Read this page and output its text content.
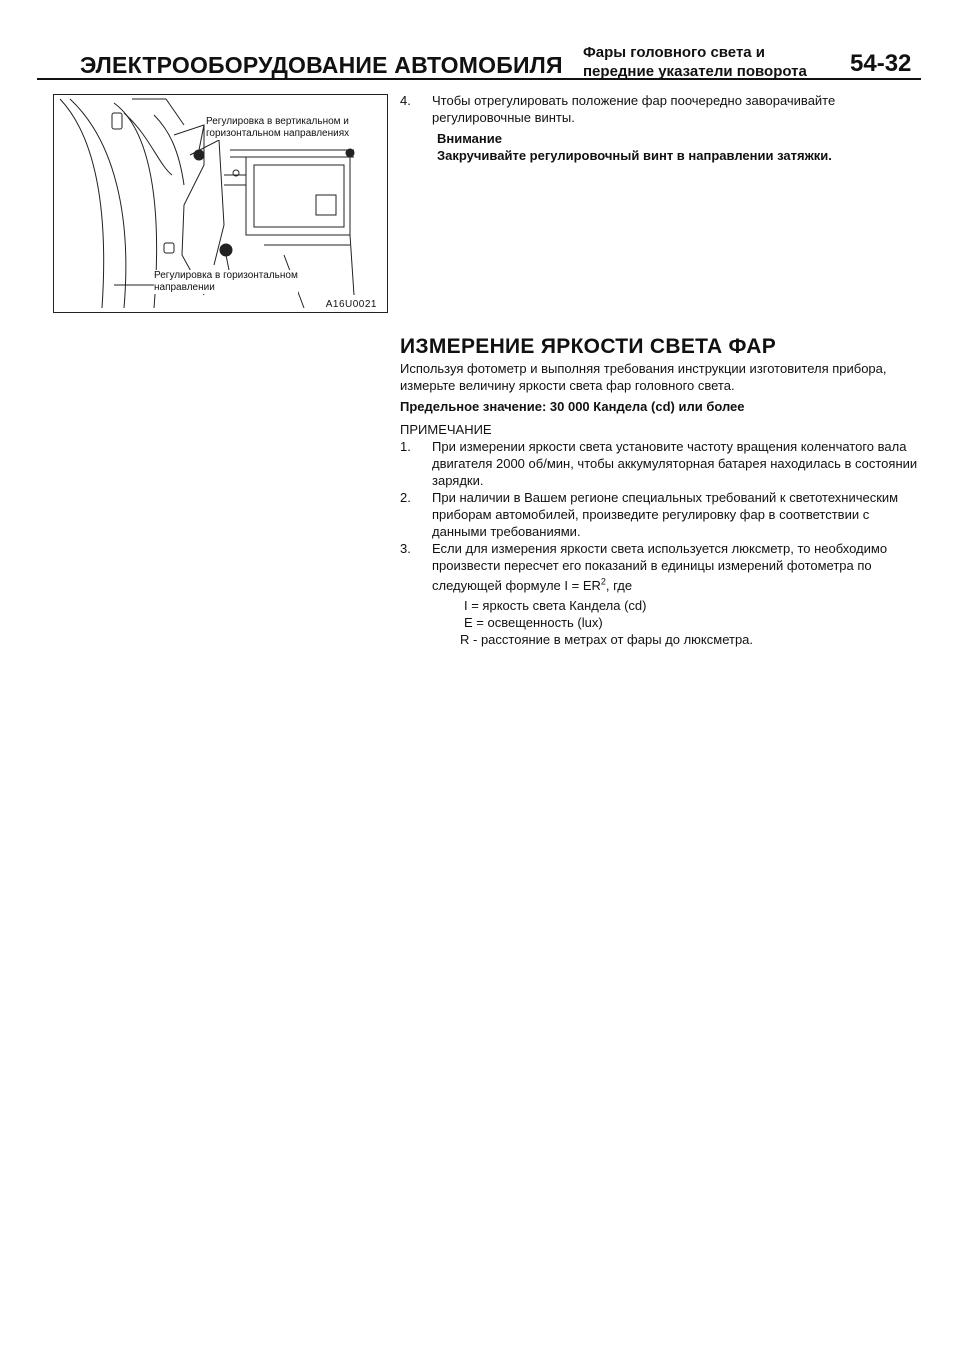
ЭЛЕКТРООБОРУДОВАНИЕ АВТОМОБИЛЯ Фары головного света и
передние указатели поворота 54-32
Регулировка в вертикальном и
горизонтальном направлениях
Регулировка в горизонтальном
направлении
A16U0021
4. Чтобы отрегулировать положение фар поочередно заворачивайте регулировочные винты.
Внимание
Закручивайте регулировочный винт в направлении затяжки.
ИЗМЕРЕНИЕ ЯРКОСТИ СВЕТА ФАР
Используя фотометр и выполняя требования инструкции изготовителя прибора, измерьте величину яркости света фар головного света.
Предельное значение: 30 000 Кандела (cd) или более
ПРИМЕЧАНИЕ
1. При измерении яркости света установите частоту вращения коленчатого вала двигателя 2000 об/мин, чтобы аккумуляторная батарея находилась в состоянии зарядки.
2. При наличии в Вашем регионе специальных требований к светотехническим приборам автомобилей, произведите регулировку фар в соответствии с данными требованиями.
3. Если для измерения яркости света используется люксметр, то необходимо произвести пересчет его показаний в единицы измерений фотометра по следующей формуле $I = ER^2$, где
I = яркость света Кандела (cd)
E = освещенность (lux)
R - расстояние в метрах от фары до люксметра.
